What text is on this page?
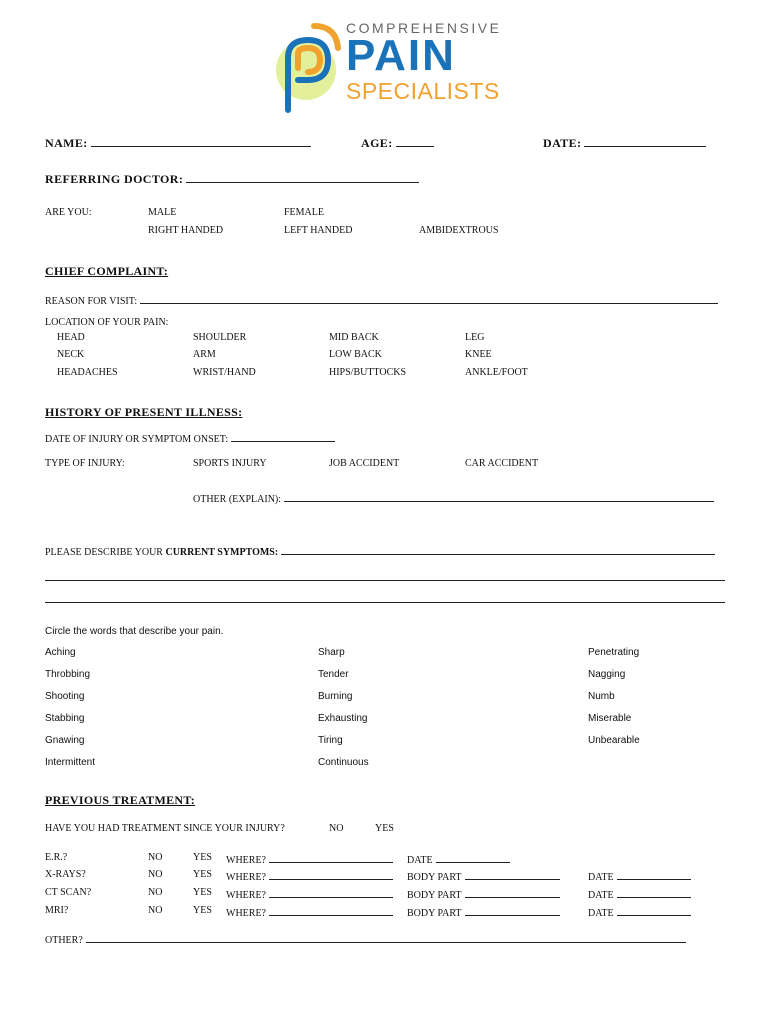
COMPREHENSIVE
PAIN
SPECIALISTS
NAME:	AGE:	DATE:
REFERRING DOCTOR:
ARE YOU:	MALE	FEMALE
RIGHT HANDED	LEFT HANDED	AMBIDEXTROUS
CHIEF COMPLAINT:
REASON FOR VISIT:
LOCATION OF YOUR PAIN:
HEAD	SHOULDER	MID BACK	LEG
NECK	ARM	LOW BACK	KNEE
HEADACHES	WRIST/HAND	HIPS/BUTTOCKS	ANKLE/FOOT
HISTORY OF PRESENT ILLNESS:
DATE OF INJURY OR SYMPTOM ONSET:
TYPE OF INJURY:	SPORTS INJURY	JOB ACCIDENT	CAR ACCIDENT
OTHER (EXPLAIN):
PLEASE DESCRIBE YOUR CURRENT SYMPTOMS:
Circle the words that describe your pain.
Aching	Sharp	Penetrating
Throbbing	Tender	Nagging
Shooting	Burning	Numb
Stabbing	Exhausting	Miserable
Gnawing	Tiring	Unbearable
Intermittent	Continuous
PREVIOUS TREATMENT:
HAVE YOU HAD TREATMENT SINCE YOUR INJURY?	NO	YES
E.R.?	NO	YES WHERE?	DATE
X-RAYS?	NO	YES WHERE?	BODY PART	DATE
CT SCAN?	NO	YES WHERE?	BODY PART	DATE
MRI?	NO	YES WHERE?	BODY PART	DATE
OTHER?
